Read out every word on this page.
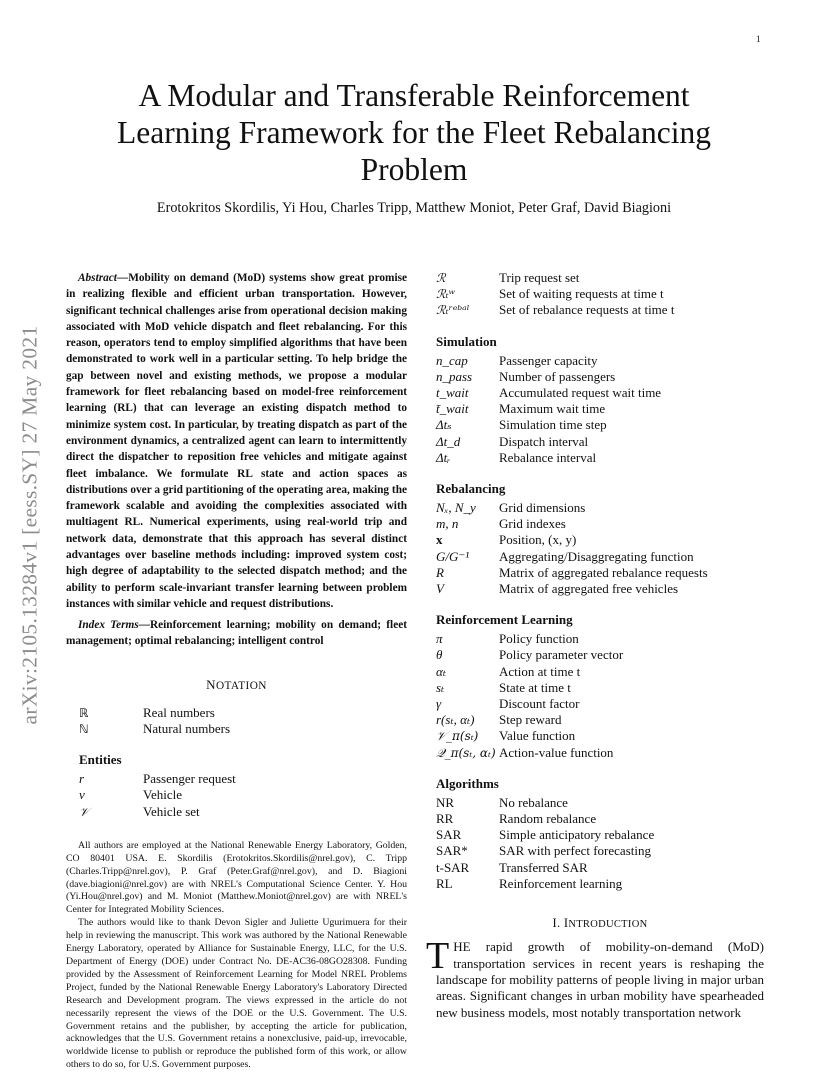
1
arXiv:2105.13284v1 [eess.SY] 27 May 2021
A Modular and Transferable Reinforcement Learning Framework for the Fleet Rebalancing Problem
Erotokritos Skordilis, Yi Hou, Charles Tripp, Matthew Moniot, Peter Graf, David Biagioni

Abstract—Mobility on demand (MoD) systems show great promise in realizing flexible and efficient urban transportation. However, significant technical challenges arise from operational decision making associated with MoD vehicle dispatch and fleet rebalancing. For this reason, operators tend to employ simplified algorithms that have been demonstrated to work well in a particular setting. To help bridge the gap between novel and existing methods, we propose a modular framework for fleet rebalancing based on model-free reinforcement learning (RL) that can leverage an existing dispatch method to minimize system cost. In particular, by treating dispatch as part of the environment dynamics, a centralized agent can learn to intermittently direct the dispatcher to reposition free vehicles and mitigate against fleet imbalance. We formulate RL state and action spaces as distributions over a grid partitioning of the operating area, making the framework scalable and avoiding the complexities associated with multiagent RL. Numerical experiments, using real-world trip and network data, demonstrate that this approach has several distinct advantages over baseline methods including: improved system cost; high degree of adaptability to the selected dispatch method; and the ability to perform scale-invariant transfer learning between problem instances with similar vehicle and request distributions.

Index Terms—Reinforcement learning; mobility on demand; fleet management; optimal rebalancing; intelligent control

NOTATION
ℝ	Real numbers
ℕ	Natural numbers
Entities
r	Passenger request
v	Vehicle
𝒱	Vehicle set

All authors are employed at the National Renewable Energy Laboratory, Golden, CO 80401 USA. E. Skordilis (Erotokritos.Skordilis@nrel.gov), C. Tripp (Charles.Tripp@nrel.gov), P. Graf (Peter.Graf@nrel.gov), and D. Biagioni (dave.biagioni@nrel.gov) are with NREL's Computational Science Center. Y. Hou (Yi.Hou@nrel.gov) and M. Moniot (Matthew.Moniot@nrel.gov) are with NREL's Center for Integrated Mobility Sciences.

The authors would like to thank Devon Sigler and Juliette Ugurimuera for their help in reviewing the manuscript. This work was authored by the National Renewable Energy Laboratory, operated by Alliance for Sustainable Energy, LLC, for the U.S. Department of Energy (DOE) under Contract No. DE-AC36-08GO28308. Funding provided by the Assessment of Reinforcement Learning for Model NREL Problems Project, funded by the National Renewable Energy Laboratory's Laboratory Directed Research and Development program. The views expressed in the article do not necessarily represent the views of the DOE or the U.S. Government. The U.S. Government retains and the publisher, by accepting the article for publication, acknowledges that the U.S. Government retains a nonexclusive, paid-up, irrevocable, worldwide license to publish or reproduce the published form of this work, or allow others to do so, for U.S. Government purposes.

ℛ	Trip request set
ℛₜʷ	Set of waiting requests at time t
ℛₜʳᵉᵇᵃˡ	Set of rebalance requests at time t
Simulation
n_cap	Passenger capacity
n_pass	Number of passengers
t_wait	Accumulated request wait time
t̄_wait	Maximum wait time
Δtₛ	Simulation time step
Δt_d	Dispatch interval
Δtᵣ	Rebalance interval
Rebalancing
Nₓ, N_y	Grid dimensions
m, n	Grid indexes
x	Position, (x, y)
G/G⁻¹	Aggregating/Disaggregating function
R	Matrix of aggregated rebalance requests
V	Matrix of aggregated free vehicles
Reinforcement Learning
π	Policy function
θ	Policy parameter vector
αₜ	Action at time t
sₜ	State at time t
γ	Discount factor
r(sₜ, αₜ)	Step reward
𝒱_π(sₜ)	Value function
𝒬_π(sₜ, αₜ) Action-value function
Algorithms
NR	No rebalance
RR	Random rebalance
SAR	Simple anticipatory rebalance
SAR*	SAR with perfect forecasting
t-SAR	Transferred SAR
RL	Reinforcement learning
I. INTRODUCTION

THE rapid growth of mobility-on-demand (MoD) transportation services in recent years is reshaping the landscape for mobility patterns of people living in major urban areas. Significant changes in urban mobility have spearheaded new business models, most notably transportation network
